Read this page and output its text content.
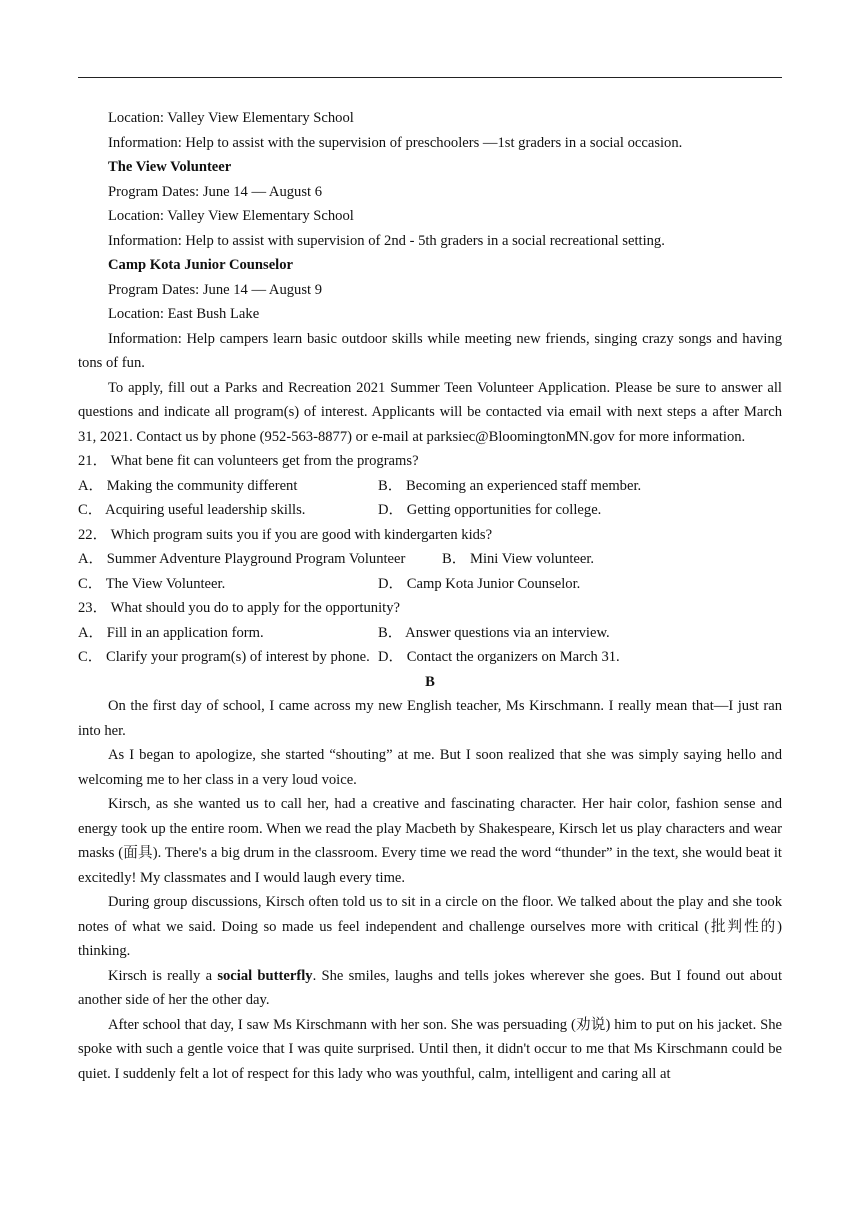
Location: Valley View Elementary School
Information: Help to assist with the supervision of preschoolers —1st graders in a social occasion.
The View Volunteer
Program Dates: June 14 — August 6
Location: Valley View Elementary School
Information: Help to assist with supervision of 2nd - 5th graders in a social recreational setting.
Camp Kota Junior Counselor
Program Dates: June 14 — August 9
Location: East Bush Lake
Information: Help campers learn basic outdoor skills while meeting new friends, singing crazy songs and having tons of fun.
To apply, fill out a Parks and Recreation 2021 Summer Teen Volunteer Application. Please be sure to answer all questions and indicate all program(s) of interest. Applicants will be contacted via email with next steps a after March 31, 2021. Contact us by phone (952-563-8877) or e-mail at parksiec@BloomingtonMN.gov for more information.
21． What bene fit can volunteers get from the programs?
A． Making the community different	B． Becoming an experienced staff member.
C． Acquiring useful leadership skills.	D． Getting opportunities for college.
22． Which program suits you if you are good with kindergarten kids?
A． Summer Adventure Playground Program Volunteer	B． Mini View volunteer.
C． The View Volunteer.	D． Camp Kota Junior Counselor.
23． What should you do to apply for the opportunity?
A． Fill in an application form.	B． Answer questions via an interview.
C． Clarify your program(s) of interest by phone. D． Contact the organizers on March 31.
B
On the first day of school, I came across my new English teacher, Ms Kirschmann. I really mean that—I just ran into her.
As I began to apologize, she started “shouting” at me. But I soon realized that she was simply saying hello and welcoming me to her class in a very loud voice.
Kirsch, as she wanted us to call her, had a creative and fascinating character. Her hair color, fashion sense and energy took up the entire room. When we read the play Macbeth by Shakespeare, Kirsch let us play characters and wear masks (面具). There's a big drum in the classroom. Every time we read the word “thunder” in the text, she would beat it excitedly! My classmates and I would laugh every time.
During group discussions, Kirsch often told us to sit in a circle on the floor. We talked about the play and she took notes of what we said. Doing so made us feel independent and challenge ourselves more with critical (批判性的) thinking.
Kirsch is really a social butterfly. She smiles, laughs and tells jokes wherever she goes. But I found out about another side of her the other day.
After school that day, I saw Ms Kirschmann with her son. She was persuading (劝说) him to put on his jacket. She spoke with such a gentle voice that I was quite surprised. Until then, it didn't occur to me that Ms Kirschmann could be quiet. I suddenly felt a lot of respect for this lady who was youthful, calm, intelligent and caring all at
